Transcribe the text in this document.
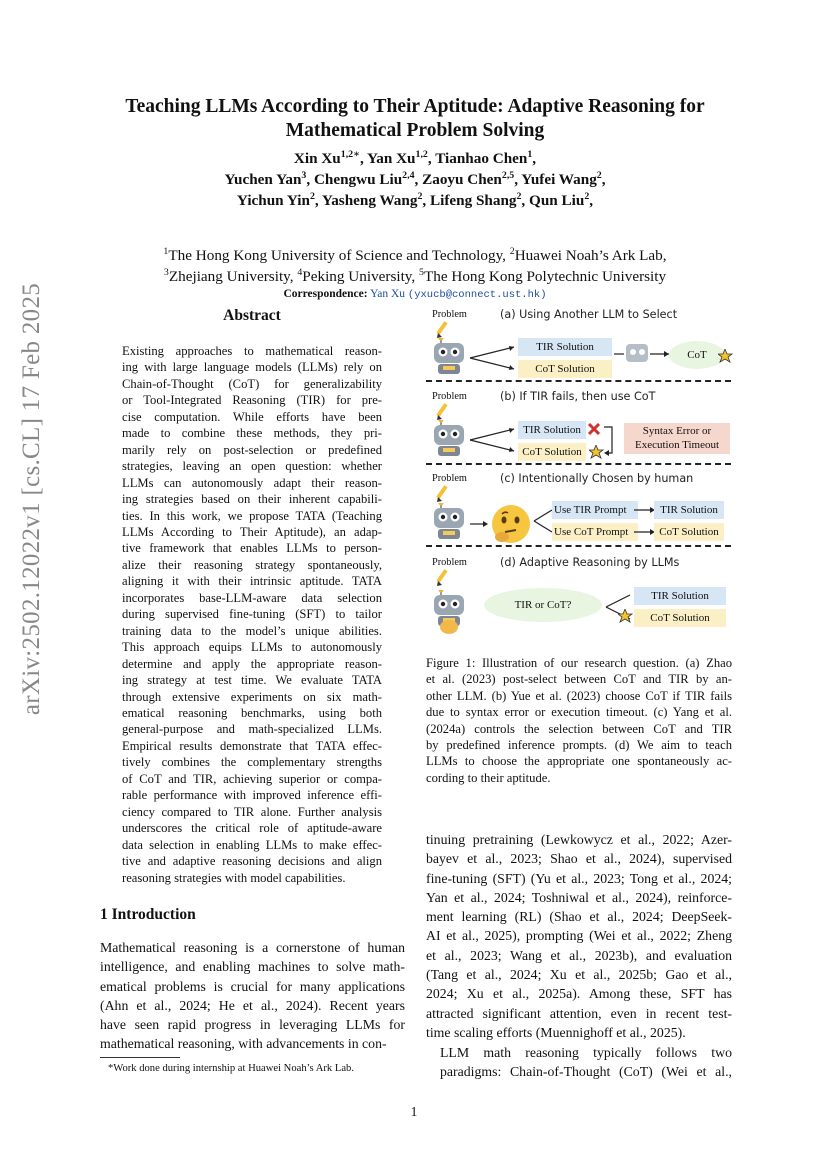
arXiv:2502.12022v1 [cs.CL] 17 Feb 2025
Teaching LLMs According to Their Aptitude: Adaptive Reasoning for
Mathematical Problem Solving
Xin $Xu^{1,2∗}$, Yan Xu$^{1,2}$, Tianhao Chen$^1$,
Yuchen Yan$^3$, Chengwu Liu$^{2,4}$, Zaoyu Chen$^{2,5}$, Yufei Wang$^2$,
Yichun Yin$^2$, Yasheng Wang$^2$, Lifeng Shang$^2$, Qun Liu$^2$,
$^1$The Hong Kong University of Science and Technology, $^2$Huawei Noah’s Ark Lab,
$^3$Zhejiang University, $^4$Peking University, $^5$The Hong Kong Polytechnic University
Correspondence: Yan Xu (yxucb@connect.ust.hk)
Abstract
Existing approaches to mathematical reason-
ing with large language models (LLMs) rely on
Chain-of-Thought (CoT) for generalizability
or Tool-Integrated Reasoning (TIR) for pre-
cise computation. While efforts have been
made to combine these methods, they pri-
marily rely on post-selection or predefined
strategies, leaving an open question: whether
LLMs can autonomously adapt their reason-
ing strategies based on their inherent capabili-
ties. In this work, we propose TATA (Teaching
LLMs According to Their Aptitude), an adap-
tive framework that enables LLMs to person-
alize their reasoning strategy spontaneously,
aligning it with their intrinsic aptitude. TATA
incorporates base-LLM-aware data selection
during supervised fine-tuning (SFT) to tailor
training data to the model’s unique abilities.
This approach equips LLMs to autonomously
determine and apply the appropriate reason-
ing strategy at test time. We evaluate TATA
through extensive experiments on six math-
ematical reasoning benchmarks, using both
general-purpose and math-specialized LLMs.
Empirical results demonstrate that TATA effec-
tively combines the complementary strengths
of CoT and TIR, achieving superior or compa-
rable performance with improved inference effi-
ciency compared to TIR alone. Further analysis
underscores the critical role of aptitude-aware
data selection in enabling LLMs to make effec-
tive and adaptive reasoning decisions and align
reasoning strategies with model capabilities.
1 Introduction
Mathematical reasoning is a cornerstone of human
intelligence, and enabling machines to solve math-
ematical problems is crucial for many applications
(Ahn et al., 2024; He et al., 2024). Recent years
have seen rapid progress in leveraging LLMs for
mathematical reasoning, with advancements in con-
*Work done during internship at Huawei Noah’s Ark Lab.
Problem	(a) Using Another LLM to Select
TIR Solution
CoT Solution
CoT
Problem	(b) If TIR fails, then use CoT
TIR Solution
CoT Solution
Syntax Error or Execution Timeout
Problem	(c) Intentionally Chosen by human
Use TIR Prompt
Use CoT Prompt
TIR Solution
CoT Solution
Problem	(d) Adaptive Reasoning by LLMs
TIR or CoT?
TIR Solution
CoT Solution
Figure 1: Illustration of our research question. (a) Zhao
et al. (2023) post-select between CoT and TIR by an-
other LLM. (b) Yue et al. (2023) choose CoT if TIR fails
due to syntax error or execution timeout. (c) Yang et al.
(2024a) controls the selection between CoT and TIR
by predefined inference prompts. (d) We aim to teach
LLMs to choose the appropriate one spontaneously ac-
cording to their aptitude.
tinuing pretraining (Lewkowycz et al., 2022; Azer-
bayev et al., 2023; Shao et al., 2024), supervised
fine-tuning (SFT) (Yu et al., 2023; Tong et al., 2024;
Yan et al., 2024; Toshniwal et al., 2024), reinforce-
ment learning (RL) (Shao et al., 2024; DeepSeek-
AI et al., 2025), prompting (Wei et al., 2022; Zheng
et al., 2023; Wang et al., 2023b), and evaluation
(Tang et al., 2024; Xu et al., 2025b; Gao et al.,
2024; Xu et al., 2025a). Among these, SFT has
attracted significant attention, even in recent test-
time scaling efforts (Muennighoff et al., 2025).
LLM math reasoning typically follows two
paradigms: Chain-of-Thought (CoT) (Wei et al.,
1
